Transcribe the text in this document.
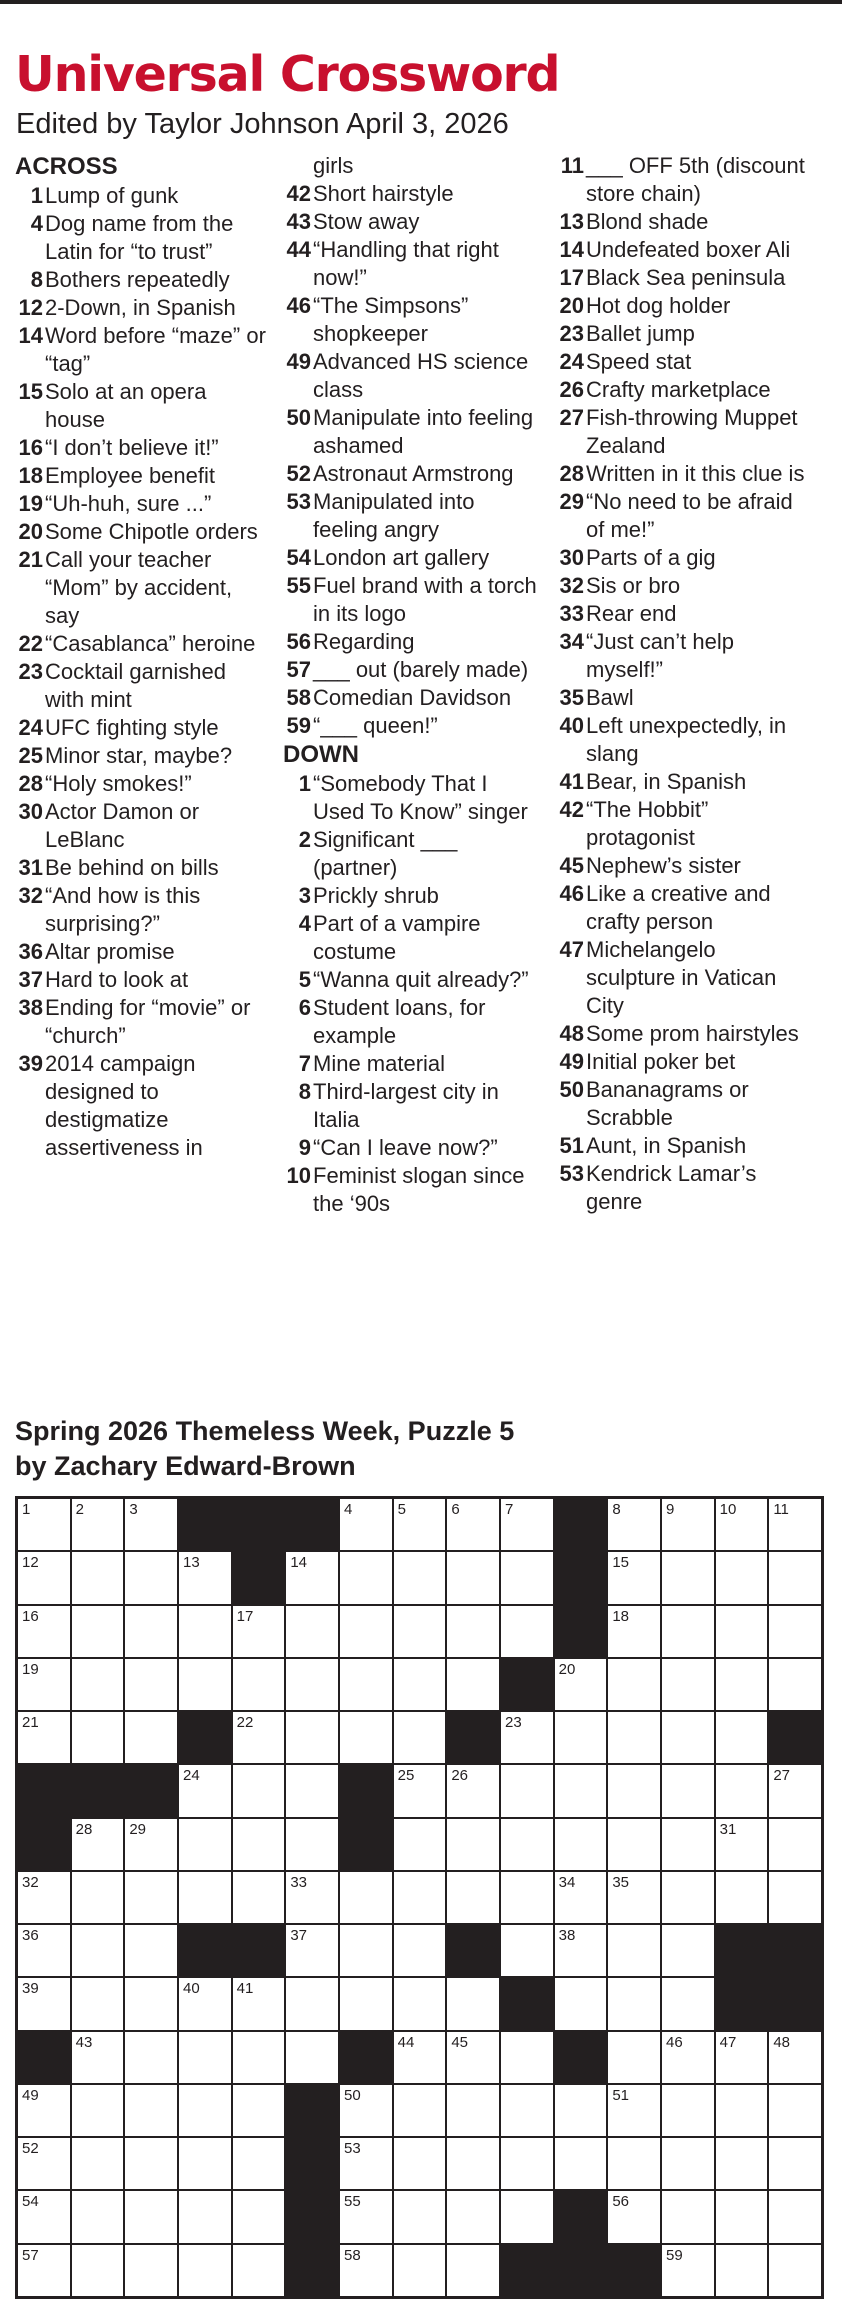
Universal Crossword
Edited by Taylor Johnson April 3, 2026
ACROSS
1 Lump of gunk
4 Dog name from the Latin for “to trust”
8 Bothers repeatedly
12 2-Down, in Spanish
14 Word before “maze” or “tag”
15 Solo at an opera house
16 “I don’t believe it!”
18 Employee benefit
19 “Uh-huh, sure ...”
20 Some Chipotle orders
21 Call your teacher “Mom” by accident, say
22 “Casablanca” heroine
23 Cocktail garnished with mint
24 UFC fighting style
25 Minor star, maybe?
28 “Holy smokes!”
30 Actor Damon or LeBlanc
31 Be behind on bills
32 “And how is this surprising?”
36 Altar promise
37 Hard to look at
38 Ending for “movie” or “church”
39 2014 campaign designed to destigmatize assertiveness in
girls
42 Short hairstyle
43 Stow away
44 “Handling that right now!”
46 “The Simpsons” shopkeeper
49 Advanced HS science class
50 Manipulate into feeling ashamed
52 Astronaut Armstrong
53 Manipulated into feeling angry
54 London art gallery
55 Fuel brand with a torch in its logo
56 Regarding
57 ___ out (barely made)
58 Comedian Davidson
59 “___ queen!”
DOWN
1 “Somebody That I Used To Know” singer
2 Significant ___ (partner)
3 Prickly shrub
4 Part of a vampire costume
5 “Wanna quit already?”
6 Student loans, for example
7 Mine material
8 Third-largest city in Italia
9 “Can I leave now?”
10 Feminist slogan since the ‘90s
11 ___ OFF 5th (discount store chain)
13 Blond shade
14 Undefeated boxer Ali
17 Black Sea peninsula
20 Hot dog holder
23 Ballet jump
24 Speed stat
26 Crafty marketplace
27 Fish-throwing Muppet Zealand
28 Written in it this clue is
29 “No need to be afraid of me!”
30 Parts of a gig
32 Sis or bro
33 Rear end
34 “Just can’t help myself!”
35 Bawl
40 Left unexpectedly, in slang
41 Bear, in Spanish
42 “The Hobbit” protagonist
45 Nephew’s sister
46 Like a creative and crafty person
47 Michelangelo sculpture in Vatican City
48 Some prom hairstyles
49 Initial poker bet
50 Bananagrams or Scrabble
51 Aunt, in Spanish
53 Kendrick Lamar’s genre
Spring 2026 Themeless Week, Puzzle 5
by Zachary Edward-Brown
1	2	3	4	5	6	7	8	9	10 11
12	13	14	15
16	17	18
19	20
21	22	23
24	25 26	27
28 29	31
32	33	34 35
36	37	38
39	40 41
43	44 45	46 47 48
49	50	51
52	53
54	55	56
57	58	59
